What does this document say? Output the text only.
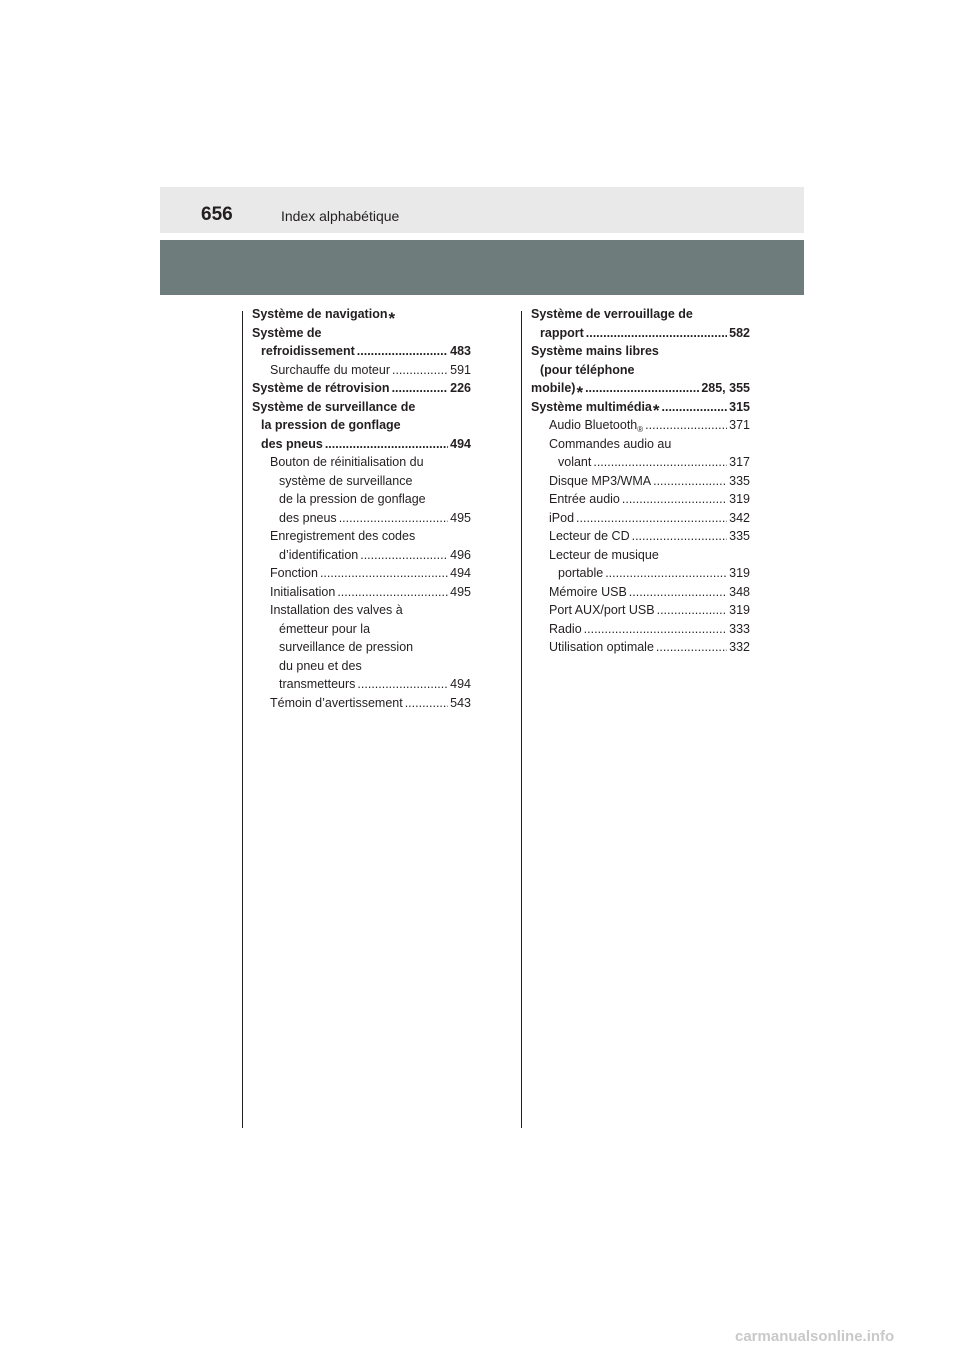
656	Index alphabétique
Système de navigation *
Système de
refroidissement .....	483
Surchauffe du moteur .....	591
Système de rétrovision .....	226
Système de surveillance de
la pression de gonflage
des pneus .....	494
Bouton de réinitialisation du
système de surveillance
de la pression de gonflage
des pneus .....	495
Enregistrement des codes
d’identification .....	496
Fonction .....	494
Initialisation .....	495
Installation des valves à
émetteur pour la
surveillance de pression
du pneu et des
transmetteurs .....	494
Témoin d’avertissement .....	543
Système de verrouillage de
rapport .....	582
Système mains libres
(pour téléphone
mobile) * .....	285, 355
Système multimédia * .....	315
Audio Bluetooth ® .....	371
Commandes audio au
volant .....	317
Disque MP3/WMA .....	335
Entrée audio .....	319
iPod .....	342
Lecteur de CD .....	335
Lecteur de musique
portable .....	319
Mémoire USB .....	348
Port AUX/port USB .....	319
Radio .....	333
Utilisation optimale .....	332
carmanualsonline.info
